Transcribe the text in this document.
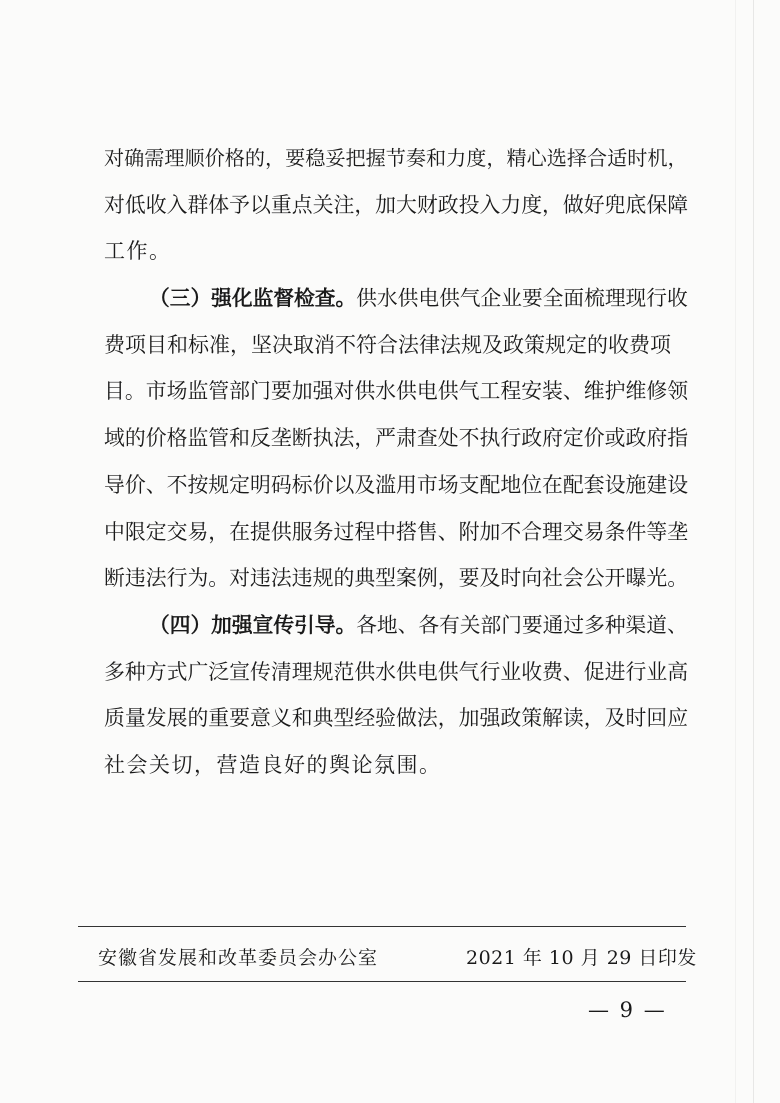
对确需理顺价格的，要稳妥把握节奏和力度，精心选择合适时机，
对低收入群体予以重点关注，加大财政投入力度，做好兜底保障
工作。
（三）强化监督检查。供水供电供气企业要全面梳理现行收
费项目和标准，坚决取消不符合法律法规及政策规定的收费项
目。市场监管部门要加强对供水供电供气工程安装、维护维修领
域的价格监管和反垄断执法，严肃查处不执行政府定价或政府指
导价、不按规定明码标价以及滥用市场支配地位在配套设施建设
中限定交易，在提供服务过程中搭售、附加不合理交易条件等垄
断违法行为。对违法违规的典型案例，要及时向社会公开曝光。
（四）加强宣传引导。各地、各有关部门要通过多种渠道、
多种方式广泛宣传清理规范供水供电供气行业收费、促进行业高
质量发展的重要意义和典型经验做法，加强政策解读，及时回应
社会关切，营造良好的舆论氛围。
安徽省发展和改革委员会办公室	2021 年 10 月 29 日印发
— 9 —
